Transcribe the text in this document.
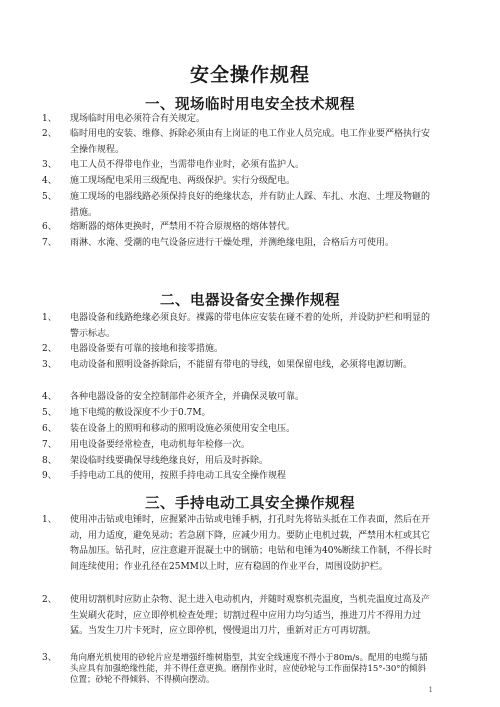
安全操作规程
一、现场临时用电安全技术规程
1、	现场临时用电必须符合有关规定。
2、	临时用电的安装、维修、拆除必须由有上岗证的电工作业人员完成。电工作业要严格执行安全操作规程。
3、	电工人员不得带电作业，当需带电作业时，必须有监护人。
4、	施工现场配电采用三级配电、两级保护。实行分级配电。
5、	施工现场的电器线路必须保持良好的绝缘状态，并有防止人踩、车扎、水泡、土埋及物砸的措施。
6、	熔断器的熔体更换时，严禁用不符合原规格的熔体替代。
7、	雨淋、水淹、受潮的电气设备应进行干燥处理，并测绝缘电阻，合格后方可使用。
二、电器设备安全操作规程
1、	电器设备和线路绝缘必须良好。裸露的带电体应安装在碰不着的处所，并设防护栏和明显的警示标志。
2、	电器设备要有可靠的接地和接零措施。
3、	电动设备和照明设备拆除后，不能留有带电的导线，如果保留电线，必须将电源切断。
4、	各种电器设备的安全控制部件必须齐全，并确保灵敏可靠。
5、	地下电缆的敷设深度不少于0.7M。
6、	装在设备上的照明和移动的照明设施必须使用安全电压。
7、	用电设备要经常检查，电动机每年检修一次。
8、	架设临时线要确保导线绝缘良好，用后及时拆除。
9、	手持电动工具的使用，按照手持电动工具安全操作规程
三、手持电动工具安全操作规程
1、	使用冲击钻或电锤时，应握紧冲击钻或电锤手柄，打孔时先将钻头抵在工作表面，然后在开动，用力适度，避免晃动；若急剧下降，应减少用力。要防止电机过载，严禁用木杠或其它物品加压。钻孔时，应注意避开混凝土中的钢筋；电钻和电锤为40%断续工作制，不得长时间连续使用；作业孔径在25MM以上时，应有稳固的作业平台，周围设防护栏。
2、	使用切割机时应防止杂物、泥土进入电动机内，并随时观察机壳温度，当机壳温度过高及产生炭刷火花时，应立即停机检查处理；切割过程中应用力均匀适当，推进刀片不得用力过猛。当发生刀片卡死时，应立即停机，慢慢退出刀片，重新对正方可再切割。
3、	角向磨光机使用的砂轮片应是增强纤维树脂型，其安全线速度不得小于80m/s。配用的电缆与插头应具有加强绝缘性能，并不得任意更换。磨削作业时，应使砂轮与工作面保持15°-30°的倾斜位置；砂轮不得倾斜、不得横向摆动。
1
